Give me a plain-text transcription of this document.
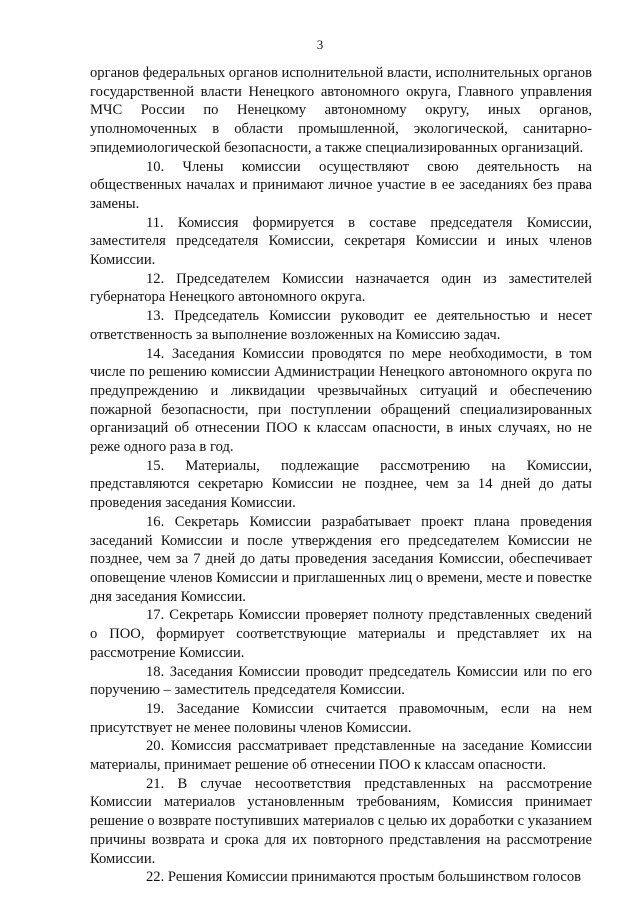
3

органов федеральных органов исполнительной власти, исполнительных органов государственной власти Ненецкого автономного округа, Главного управления МЧС России по Ненецкому автономному округу, иных органов, уполномоченных в области промышленной, экологической, санитарно-эпидемиологической безопасности, а также специализированных организаций.

10. Члены комиссии осуществляют свою деятельность на общественных началах и принимают личное участие в ее заседаниях без права замены.

11. Комиссия формируется в составе председателя Комиссии, заместителя председателя Комиссии, секретаря Комиссии и иных членов Комиссии.

12. Председателем Комиссии назначается один из заместителей губернатора Ненецкого автономного округа.

13. Председатель Комиссии руководит ее деятельностью и несет ответственность за выполнение возложенных на Комиссию задач.

14. Заседания Комиссии проводятся по мере необходимости, в том числе по решению комиссии Администрации Ненецкого автономного округа по предупреждению и ликвидации чрезвычайных ситуаций и обеспечению пожарной безопасности, при поступлении обращений специализированных организаций об отнесении ПОО к классам опасности, в иных случаях, но не реже одного раза в год.

15. Материалы, подлежащие рассмотрению на Комиссии, представляются секретарю Комиссии не позднее, чем за 14 дней до даты проведения заседания Комиссии.

16. Секретарь Комиссии разрабатывает проект плана проведения заседаний Комиссии и после утверждения его председателем Комиссии не позднее, чем за 7 дней до даты проведения заседания Комиссии, обеспечивает оповещение членов Комиссии и приглашенных лиц о времени, месте и повестке дня заседания Комиссии.

17. Секретарь Комиссии проверяет полноту представленных сведений о ПОО, формирует соответствующие материалы и представляет их на рассмотрение Комиссии.

18. Заседания Комиссии проводит председатель Комиссии или по его поручению – заместитель председателя Комиссии.

19. Заседание Комиссии считается правомочным, если на нем присутствует не менее половины членов Комиссии.

20. Комиссия рассматривает представленные на заседание Комиссии материалы, принимает решение об отнесении ПОО к классам опасности.

21. В случае несоответствия представленных на рассмотрение Комиссии материалов установленным требованиям, Комиссия принимает решение о возврате поступивших материалов с целью их доработки с указанием причины возврата и срока для их повторного представления на рассмотрение Комиссии.

22. Решения Комиссии принимаются простым большинством голосов
